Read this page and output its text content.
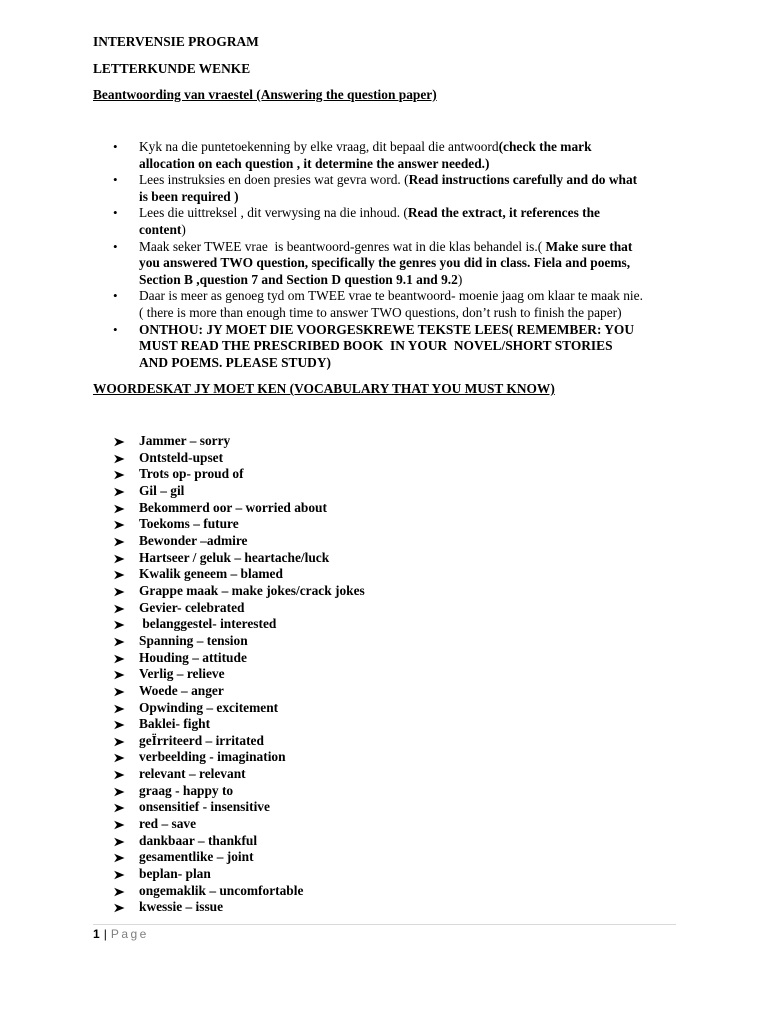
INTERVENSIE PROGRAM
LETTERKUNDE WENKE
Beantwoording van vraestel (Answering the question paper)
• Kyk na die puntetoekenning by elke vraag, dit bepaal die antwoord(check the mark
allocation on each question , it determine the answer needed.)
• Lees instruksies en doen presies wat gevra word. (Read instructions carefully and do what
is been required )
• Lees die uittreksel , dit verwysing na die inhoud. (Read the extract, it references the
content)
• Maak seker TWEE vrae  is beantwoord-genres wat in die klas behandel is.( Make sure that
you answered TWO question, specifically the genres you did in class. Fiela and poems,
Section B ,question 7 and Section D question 9.1 and 9.2)
• Daar is meer as genoeg tyd om TWEE vrae te beantwoord- moenie jaag om klaar te maak nie.
( there is more than enough time to answer TWO questions, don’t rush to finish the paper)
• ONTHOU: JY MOET DIE VOORGESKREWE TEKSTE LEES( REMEMBER: YOU
MUST READ THE PRESCRIBED BOOK  IN YOUR  NOVEL/SHORT STORIES
AND POEMS. PLEASE STUDY)
WOORDESKAT JY MOET KEN (VOCABULARY THAT YOU MUST KNOW)
Jammer – sorry
Ontsteld-upset
Trots op- proud of
Gil – gil
Bekommerd oor – worried about
Toekoms – future
Bewonder –admire
Hartseer / geluk – heartache/luck
Kwalik geneem – blamed
Grappe maak – make jokes/crack jokes
Gevier- celebrated
belanggestel- interested
Spanning – tension
Houding – attitude
Verlig – relieve
Woede – anger
Opwinding – excitement
Baklei- fight
geÏrriteerd – irritated
verbeelding - imagination
relevant – relevant
graag - happy to
onsensitief - insensitive
red – save
dankbaar – thankful
gesamentlike – joint
beplan- plan
ongemaklik – uncomfortable
kwessie – issue
1 | Page
